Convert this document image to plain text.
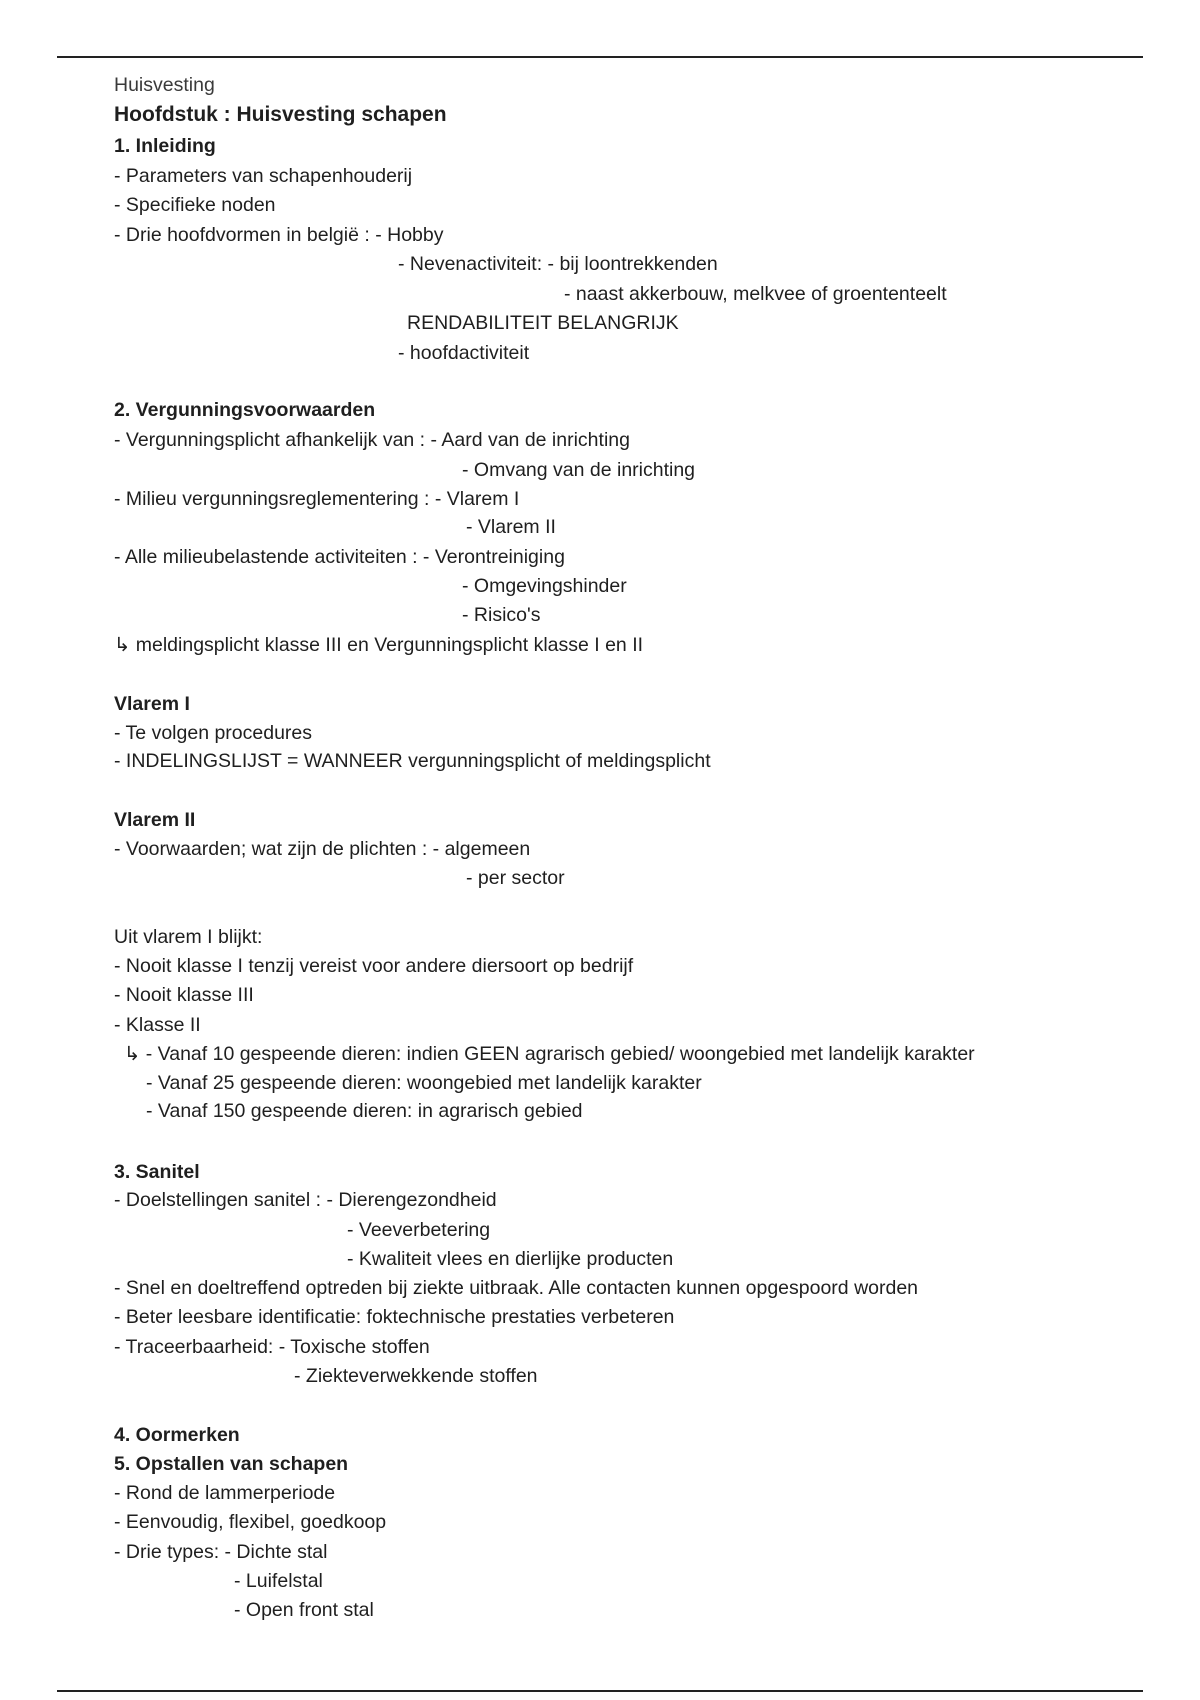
Huisvesting
Hoofdstuk : Huisvesting schapen
1. Inleiding
- Parameters van schapenhouderij
- Specifieke noden
- Drie hoofdvormen in belgië : - Hobby
- Nevenactiviteit: - bij loontrekkenden
- naast akkerbouw, melkvee of groententeelt
RENDABILITEIT BELANGRIJK
- hoofdactiviteit
2. Vergunningsvoorwaarden
- Vergunningsplicht afhankelijk van : - Aard van de inrichting
- Omvang van de inrichting
- Milieu vergunningsreglementering : - Vlarem I
- Vlarem II
- Alle milieubelastende activiteiten : - Verontreiniging
- Omgevingshinder
- Risico's
↳ meldingsplicht klasse III en Vergunningsplicht klasse I en II
Vlarem I
- Te volgen procedures
- INDELINGSLIJST = WANNEER vergunningsplicht of meldingsplicht
Vlarem II
- Voorwaarden; wat zijn de plichten : - algemeen
- per sector
Uit vlarem I blijkt:
- Nooit klasse I tenzij vereist voor andere diersoort op bedrijf
- Nooit klasse III
- Klasse II
↳ - Vanaf 10 gespeende dieren: indien GEEN agrarisch gebied/ woongebied met landelijk karakter
- Vanaf 25 gespeende dieren: woongebied met landelijk karakter
- Vanaf 150 gespeende dieren: in agrarisch gebied
3. Sanitel
- Doelstellingen sanitel : - Dierengezondheid
- Veeverbetering
- Kwaliteit vlees en dierlijke producten
- Snel en doeltreffend optreden bij ziekte uitbraak. Alle contacten kunnen opgespoord worden
- Beter leesbare identificatie: foktechnische prestaties verbeteren
- Traceerbaarheid: - Toxische stoffen
- Ziekteverwekkende stoffen
4. Oormerken
5. Opstallen van schapen
- Rond de lammerperiode
- Eenvoudig, flexibel, goedkoop
- Drie types: - Dichte stal
- Luifelstal
- Open front stal
